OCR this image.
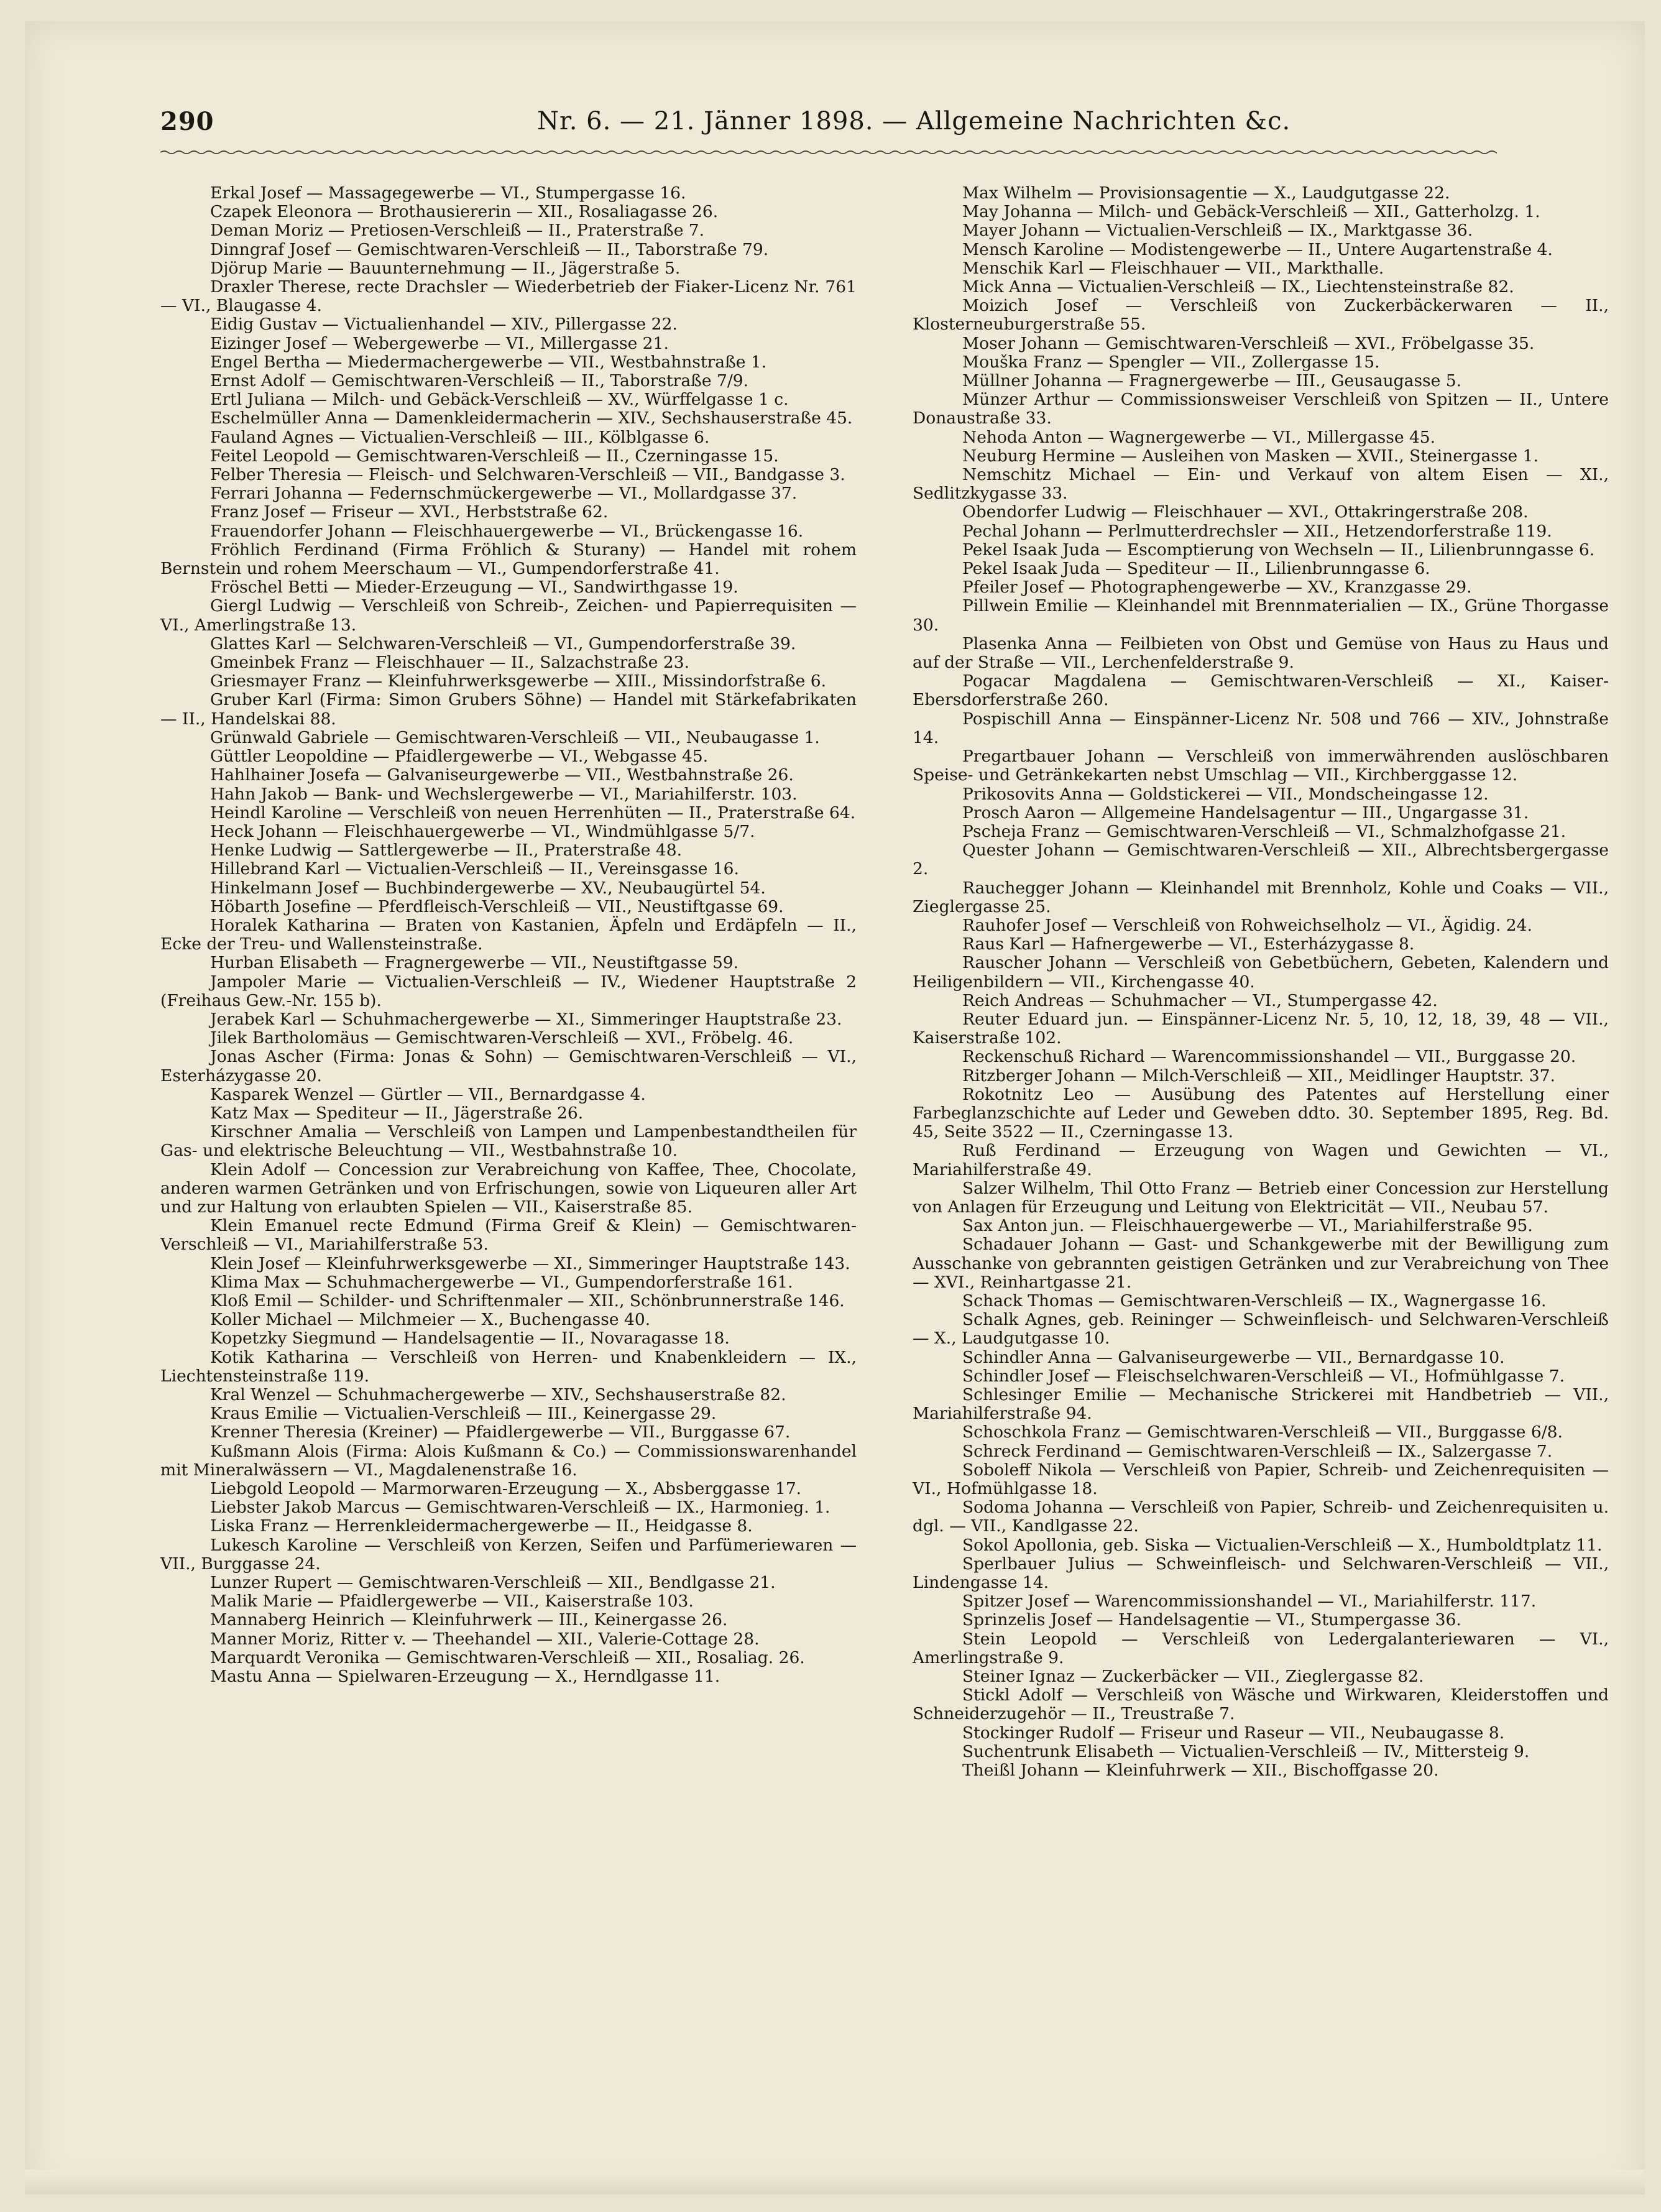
290	Nr. 6. — 21. Jänner 1898. — Allgemeine Nachrichten &c.

Erkal Josef — Massagegewerbe — VI., Stumpergasse 16.

Czapek Eleonora — Brothausiererin — XII., Rosaliagasse 26.

Deman Moriz — Pretiosen-Verschleiß — II., Praterstraße 7.

Dinngraf Josef — Gemischtwaren-Verschleiß — II., Taborstraße 79.

Djörup Marie — Bauunternehmung — II., Jägerstraße 5.

Draxler Therese, recte Drachsler — Wiederbetrieb der Fiaker-Licenz Nr. 761 — VI., Blaugasse 4.

Eidig Gustav — Victualienhandel — XIV., Pillergasse 22.

Eizinger Josef — Webergewerbe — VI., Millergasse 21.

Engel Bertha — Miedermachergewerbe — VII., Westbahnstraße 1.

Ernst Adolf — Gemischtwaren-Verschleiß — II., Taborstraße 7/9.

Ertl Juliana — Milch- und Gebäck-Verschleiß — XV., Würffelgasse 1 c.

Eschelmüller Anna — Damenkleidermacherin — XIV., Sechshauserstraße 45.

Fauland Agnes — Victualien-Verschleiß — III., Kölblgasse 6.

Feitel Leopold — Gemischtwaren-Verschleiß — II., Czerningasse 15.

Felber Theresia — Fleisch- und Selchwaren-Verschleiß — VII., Bandgasse 3.

Ferrari Johanna — Federnschmückergewerbe — VI., Mollardgasse 37.

Franz Josef — Friseur — XVI., Herbststraße 62.

Frauendorfer Johann — Fleischhauergewerbe — VI., Brückengasse 16.

Fröhlich Ferdinand (Firma Fröhlich & Sturany) — Handel mit rohem Bernstein und rohem Meerschaum — VI., Gumpendorferstraße 41.

Fröschel Betti — Mieder-Erzeugung — VI., Sandwirthgasse 19.

Giergl Ludwig — Verschleiß von Schreib-, Zeichen- und Papierrequisiten — VI., Amerlingstraße 13.

Glattes Karl — Selchwaren-Verschleiß — VI., Gumpendorferstraße 39.

Gmeinbek Franz — Fleischhauer — II., Salzachstraße 23.

Griesmayer Franz — Kleinfuhrwerksgewerbe — XIII., Missindorfstraße 6.

Gruber Karl (Firma: Simon Grubers Söhne) — Handel mit Stärkefabrikaten — II., Handelskai 88.

Grünwald Gabriele — Gemischtwaren-Verschleiß — VII., Neubaugasse 1.

Güttler Leopoldine — Pfaidlergewerbe — VI., Webgasse 45.

Hahlhainer Josefa — Galvaniseurgewerbe — VII., Westbahnstraße 26.

Hahn Jakob — Bank- und Wechslergewerbe — VI., Mariahilferstr. 103.

Heindl Karoline — Verschleiß von neuen Herrenhüten — II., Praterstraße 64.

Heck Johann — Fleischhauergewerbe — VI., Windmühlgasse 5/7.

Henke Ludwig — Sattlergewerbe — II., Praterstraße 48.

Hillebrand Karl — Victualien-Verschleiß — II., Vereinsgasse 16.

Hinkelmann Josef — Buchbindergewerbe — XV., Neubaugürtel 54.

Höbarth Josefine — Pferdfleisch-Verschleiß — VII., Neustiftgasse 69.

Horalek Katharina — Braten von Kastanien, Äpfeln und Erdäpfeln — II., Ecke der Treu- und Wallensteinstraße.

Hurban Elisabeth — Fragnergewerbe — VII., Neustiftgasse 59.

Jampoler Marie — Victualien-Verschleiß — IV., Wiedener Hauptstraße 2 (Freihaus Gew.-Nr. 155 b).

Jerabek Karl — Schuhmachergewerbe — XI., Simmeringer Hauptstraße 23.

Jilek Bartholomäus — Gemischtwaren-Verschleiß — XVI., Fröbelg. 46.

Jonas Ascher (Firma: Jonas & Sohn) — Gemischtwaren-Verschleiß — VI., Esterházygasse 20.

Kasparek Wenzel — Gürtler — VII., Bernardgasse 4.

Katz Max — Spediteur — II., Jägerstraße 26.

Kirschner Amalia — Verschleiß von Lampen und Lampenbestandtheilen für Gas- und elektrische Beleuchtung — VII., Westbahnstraße 10.

Klein Adolf — Concession zur Verabreichung von Kaffee, Thee, Chocolate, anderen warmen Getränken und von Erfrischungen, sowie von Liqueuren aller Art und zur Haltung von erlaubten Spielen — VII., Kaiserstraße 85.

Klein Emanuel recte Edmund (Firma Greif & Klein) — Gemischtwaren-Verschleiß — VI., Mariahilferstraße 53.

Klein Josef — Kleinfuhrwerksgewerbe — XI., Simmeringer Hauptstraße 143.

Klima Max — Schuhmachergewerbe — VI., Gumpendorferstraße 161.

Kloß Emil — Schilder- und Schriftenmaler — XII., Schönbrunnerstraße 146.

Koller Michael — Milchmeier — X., Buchengasse 40.

Kopetzky Siegmund — Handelsagentie — II., Novaragasse 18.

Kotik Katharina — Verschleiß von Herren- und Knabenkleidern — IX., Liechtensteinstraße 119.

Kral Wenzel — Schuhmachergewerbe — XIV., Sechshauserstraße 82.

Kraus Emilie — Victualien-Verschleiß — III., Keinergasse 29.

Krenner Theresia (Kreiner) — Pfaidlergewerbe — VII., Burggasse 67.

Kußmann Alois (Firma: Alois Kußmann & Co.) — Commissionswarenhandel mit Mineralwässern — VI., Magdalenenstraße 16.

Liebgold Leopold — Marmorwaren-Erzeugung — X., Absberggasse 17.

Liebster Jakob Marcus — Gemischtwaren-Verschleiß — IX., Harmonieg. 1.

Liska Franz — Herrenkleidermachergewerbe — II., Heidgasse 8.

Lukesch Karoline — Verschleiß von Kerzen, Seifen und Parfümeriewaren — VII., Burggasse 24.

Lunzer Rupert — Gemischtwaren-Verschleiß — XII., Bendlgasse 21.

Malik Marie — Pfaidlergewerbe — VII., Kaiserstraße 103.

Mannaberg Heinrich — Kleinfuhrwerk — III., Keinergasse 26.

Manner Moriz, Ritter v. — Theehandel — XII., Valerie-Cottage 28.

Marquardt Veronika — Gemischtwaren-Verschleiß — XII., Rosaliag. 26.

Mastu Anna — Spielwaren-Erzeugung — X., Herndlgasse 11.

Max Wilhelm — Provisionsagentie — X., Laudgutgasse 22.

May Johanna — Milch- und Gebäck-Verschleiß — XII., Gatterholzg. 1.

Mayer Johann — Victualien-Verschleiß — IX., Marktgasse 36.

Mensch Karoline — Modistengewerbe — II., Untere Augartenstraße 4.

Menschik Karl — Fleischhauer — VII., Markthalle.

Mick Anna — Victualien-Verschleiß — IX., Liechtensteinstraße 82.

Moizich Josef — Verschleiß von Zuckerbäckerwaren — II., Klosterneuburgerstraße 55.

Moser Johann — Gemischtwaren-Verschleiß — XVI., Fröbelgasse 35.

Mouška Franz — Spengler — VII., Zollergasse 15.

Müllner Johanna — Fragnergewerbe — III., Geusaugasse 5.

Münzer Arthur — Commissionsweiser Verschleiß von Spitzen — II., Untere Donaustraße 33.

Nehoda Anton — Wagnergewerbe — VI., Millergasse 45.

Neuburg Hermine — Ausleihen von Masken — XVII., Steinergasse 1.

Nemschitz Michael — Ein- und Verkauf von altem Eisen — XI., Sedlitzkygasse 33.

Obendorfer Ludwig — Fleischhauer — XVI., Ottakringerstraße 208.

Pechal Johann — Perlmutterdrechsler — XII., Hetzendorferstraße 119.

Pekel Isaak Juda — Escomptierung von Wechseln — II., Lilienbrunngasse 6.

Pekel Isaak Juda — Spediteur — II., Lilienbrunngasse 6.

Pfeiler Josef — Photographengewerbe — XV., Kranzgasse 29.

Pillwein Emilie — Kleinhandel mit Brennmaterialien — IX., Grüne Thorgasse 30.

Plasenka Anna — Feilbieten von Obst und Gemüse von Haus zu Haus und auf der Straße — VII., Lerchenfelderstraße 9.

Pogacar Magdalena — Gemischtwaren-Verschleiß — XI., Kaiser-Ebersdorferstraße 260.

Pospischill Anna — Einspänner-Licenz Nr. 508 und 766 — XIV., Johnstraße 14.

Pregartbauer Johann — Verschleiß von immerwährenden auslöschbaren Speise- und Getränkekarten nebst Umschlag — VII., Kirchberggasse 12.

Prikosovits Anna — Goldstickerei — VII., Mondscheingasse 12.

Prosch Aaron — Allgemeine Handelsagentur — III., Ungargasse 31.

Pscheja Franz — Gemischtwaren-Verschleiß — VI., Schmalzhofgasse 21.

Quester Johann — Gemischtwaren-Verschleiß — XII., Albrechtsbergergasse 2.

Rauchegger Johann — Kleinhandel mit Brennholz, Kohle und Coaks — VII., Zieglergasse 25.

Rauhofer Josef — Verschleiß von Rohweichselholz — VI., Ägidig. 24.

Raus Karl — Hafnergewerbe — VI., Esterházygasse 8.

Rauscher Johann — Verschleiß von Gebetbüchern, Gebeten, Kalendern und Heiligenbildern — VII., Kirchengasse 40.

Reich Andreas — Schuhmacher — VI., Stumpergasse 42.

Reuter Eduard jun. — Einspänner-Licenz Nr. 5, 10, 12, 18, 39, 48 — VII., Kaiserstraße 102.

Reckenschuß Richard — Warencommissionshandel — VII., Burggasse 20.

Ritzberger Johann — Milch-Verschleiß — XII., Meidlinger Hauptstr. 37.

Rokotnitz Leo — Ausübung des Patentes auf Herstellung einer Farbeglanzschichte auf Leder und Geweben ddto. 30. September 1895, Reg. Bd. 45, Seite 3522 — II., Czerningasse 13.

Ruß Ferdinand — Erzeugung von Wagen und Gewichten — VI., Mariahilferstraße 49.

Salzer Wilhelm, Thil Otto Franz — Betrieb einer Concession zur Herstellung von Anlagen für Erzeugung und Leitung von Elektricität — VII., Neubau 57.

Sax Anton jun. — Fleischhauergewerbe — VI., Mariahilferstraße 95.

Schadauer Johann — Gast- und Schankgewerbe mit der Bewilligung zum Ausschanke von gebrannten geistigen Getränken und zur Verabreichung von Thee — XVI., Reinhartgasse 21.

Schack Thomas — Gemischtwaren-Verschleiß — IX., Wagnergasse 16.

Schalk Agnes, geb. Reininger — Schweinfleisch- und Selchwaren-Verschleiß — X., Laudgutgasse 10.

Schindler Anna — Galvaniseurgewerbe — VII., Bernardgasse 10.

Schindler Josef — Fleischselchwaren-Verschleiß — VI., Hofmühlgasse 7.

Schlesinger Emilie — Mechanische Strickerei mit Handbetrieb — VII., Mariahilferstraße 94.

Schoschkola Franz — Gemischtwaren-Verschleiß — VII., Burggasse 6/8.

Schreck Ferdinand — Gemischtwaren-Verschleiß — IX., Salzergasse 7.

Soboleff Nikola — Verschleiß von Papier, Schreib- und Zeichenrequisiten — VI., Hofmühlgasse 18.

Sodoma Johanna — Verschleiß von Papier, Schreib- und Zeichenrequisiten u. dgl. — VII., Kandlgasse 22.

Sokol Apollonia, geb. Siska — Victualien-Verschleiß — X., Humboldtplatz 11.

Sperlbauer Julius — Schweinfleisch- und Selchwaren-Verschleiß — VII., Lindengasse 14.

Spitzer Josef — Warencommissionshandel — VI., Mariahilferstr. 117.

Sprinzelis Josef — Handelsagentie — VI., Stumpergasse 36.

Stein Leopold — Verschleiß von Ledergalanteriewaren — VI., Amerlingstraße 9.

Steiner Ignaz — Zuckerbäcker — VII., Zieglergasse 82.

Stickl Adolf — Verschleiß von Wäsche und Wirkwaren, Kleiderstoffen und Schneiderzugehör — II., Treustraße 7.

Stockinger Rudolf — Friseur und Raseur — VII., Neubaugasse 8.

Suchentrunk Elisabeth — Victualien-Verschleiß — IV., Mittersteig 9.

Theißl Johann — Kleinfuhrwerk — XII., Bischoffgasse 20.
